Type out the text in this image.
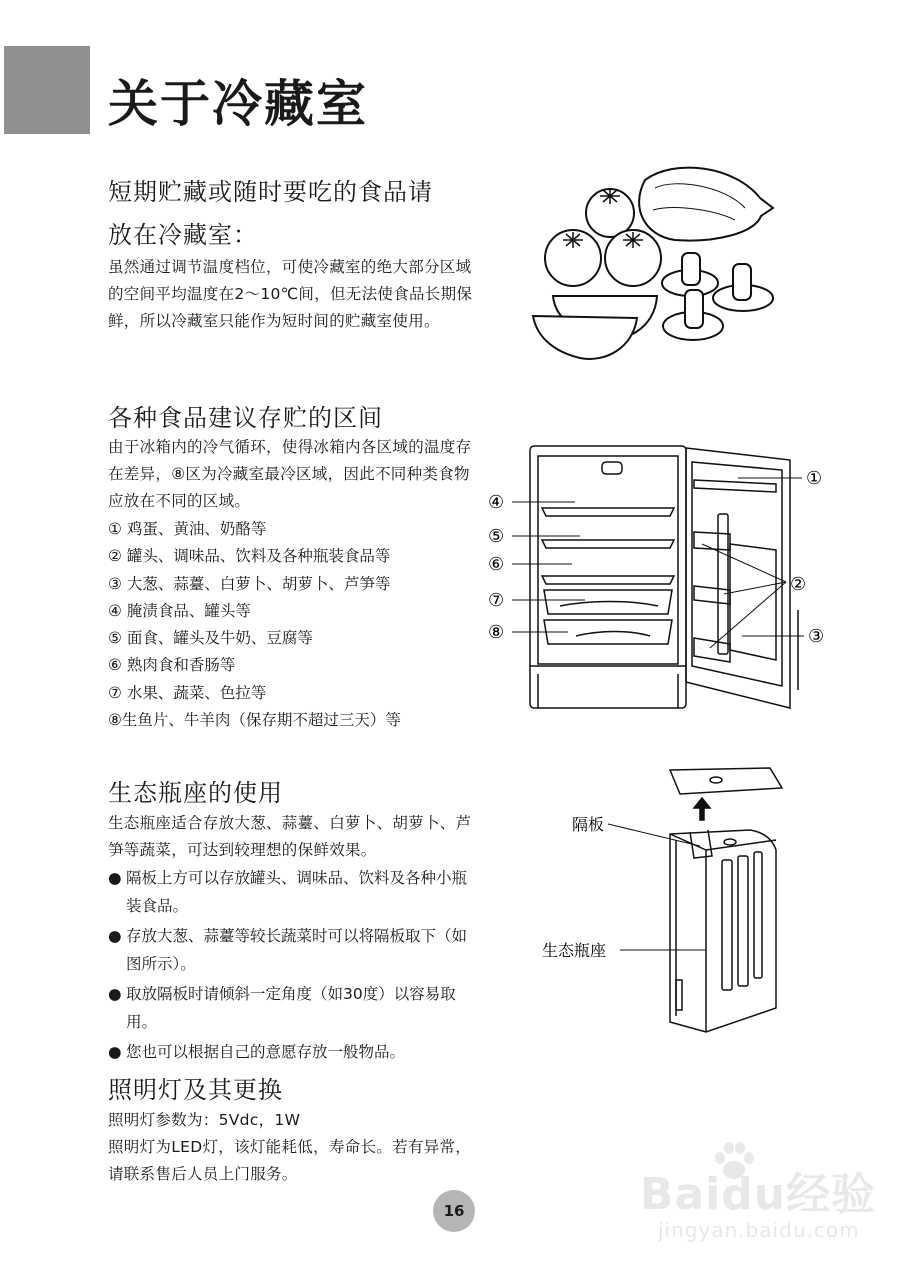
关于冷藏室
短期贮藏或随时要吃的食品请
放在冷藏室：

虽然通过调节温度档位，可使冷藏室的绝大部分区域的空间平均温度在2～10℃间，但无法使食品长期保鲜，所以冷藏室只能作为短时间的贮藏室使用。

各种食品建议存贮的区间

由于冰箱内的冷气循环，使得冰箱内各区域的温度存在差异，⑧区为冷藏室最冷区域，因此不同种类食物应放在不同的区域。

① 鸡蛋、黄油、奶酪等
② 罐头、调味品、饮料及各种瓶装食品等
③ 大葱、蒜薹、白萝卜、胡萝卜、芦笋等
④ 腌渍食品、罐头等
⑤ 面食、罐头及牛奶、豆腐等
⑥ 熟肉食和香肠等
⑦ 水果、蔬菜、色拉等
⑧生鱼片、牛羊肉（保存期不超过三天）等
④
⑤
⑥
⑦
⑧
①
②
③
生态瓶座的使用

生态瓶座适合存放大葱、蒜薹、白萝卜、胡萝卜、芦笋等蔬菜，可达到较理想的保鲜效果。

● 隔板上方可以存放罐头、调味品、饮料及各种小瓶装食品。
● 存放大葱、蒜薹等较长蔬菜时可以将隔板取下（如图所示）。
● 取放隔板时请倾斜一定角度（如30度）以容易取用。
● 您也可以根据自己的意愿存放一般物品。
隔板
生态瓶座
照明灯及其更换

照明灯参数为：5Vdc，1W

照明灯为LED灯，该灯能耗低，寿命长。若有异常，请联系售后人员上门服务。

16	Baidu经验
jingyan.baidu.com
